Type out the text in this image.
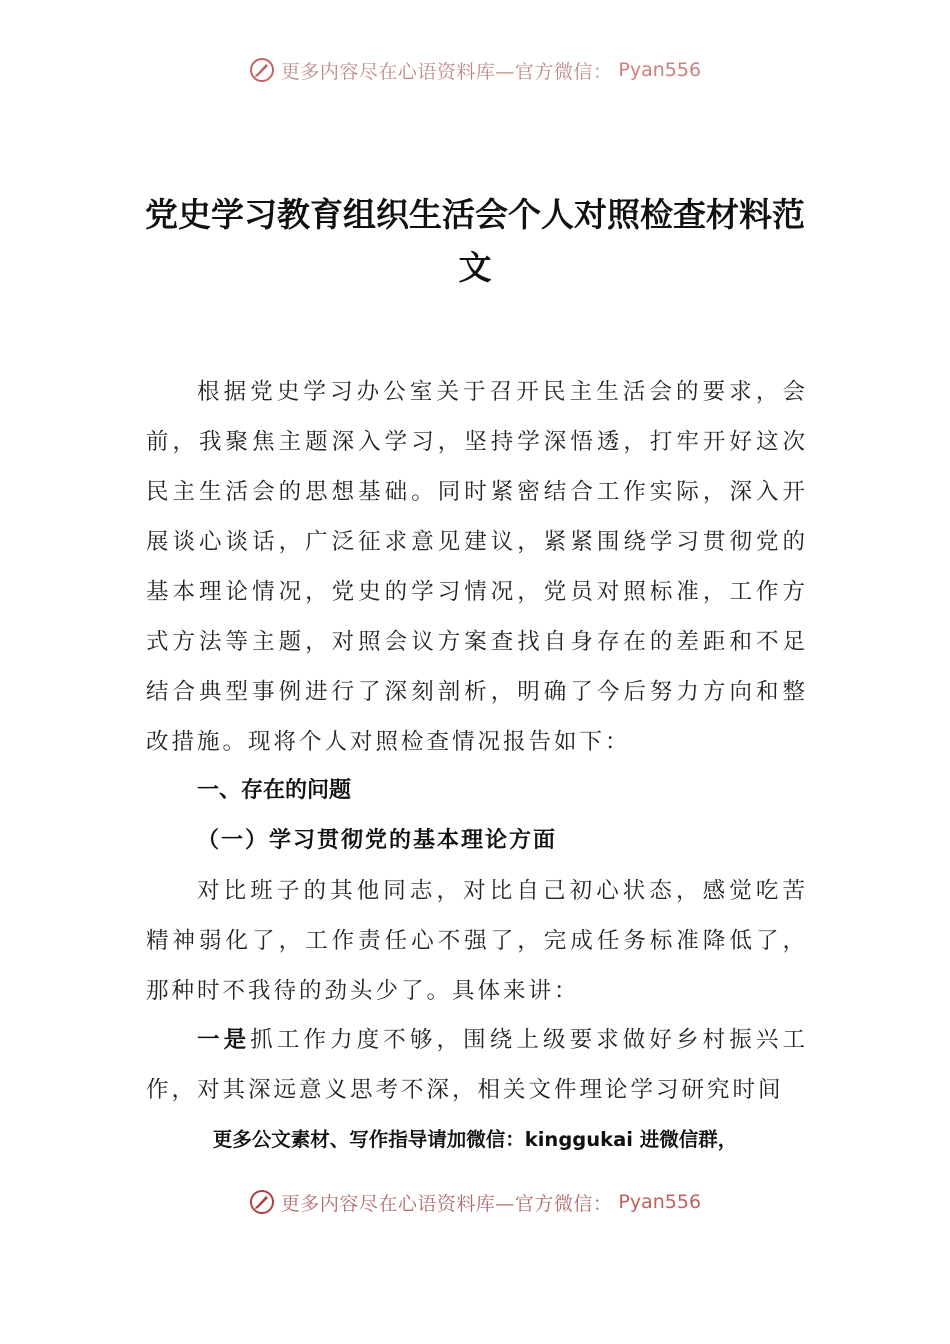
更多内容尽在心语资料库—官方微信： Pyan556
党史学习教育组织生活会个人对照检查材料范文

根据党史学习办公室关于召开民主生活会的要求，会前，我聚焦主题深入学习，坚持学深悟透，打牢开好这次民主生活会的思想基础。同时紧密结合工作实际，深入开展谈心谈话，广泛征求意见建议，紧紧围绕学习贯彻党的基本理论情况，党史的学习情况，党员对照标准，工作方式方法等主题，对照会议方案查找自身存在的差距和不足结合典型事例进行了深刻剖析，明确了今后努力方向和整改措施。现将个人对照检查情况报告如下：

一、存在的问题
（一）学习贯彻党的基本理论方面

对比班子的其他同志，对比自己初心状态，感觉吃苦精神弱化了，工作责任心不强了，完成任务标准降低了，那种时不我待的劲头少了。具体来讲：

一是抓工作力度不够，围绕上级要求做好乡村振兴工作，对其深远意义思考不深，相关文件理论学习研究时间

更多公文素材、写作指导请加微信：kinggukai 进微信群，
更多内容尽在心语资料库—官方微信： Pyan556
